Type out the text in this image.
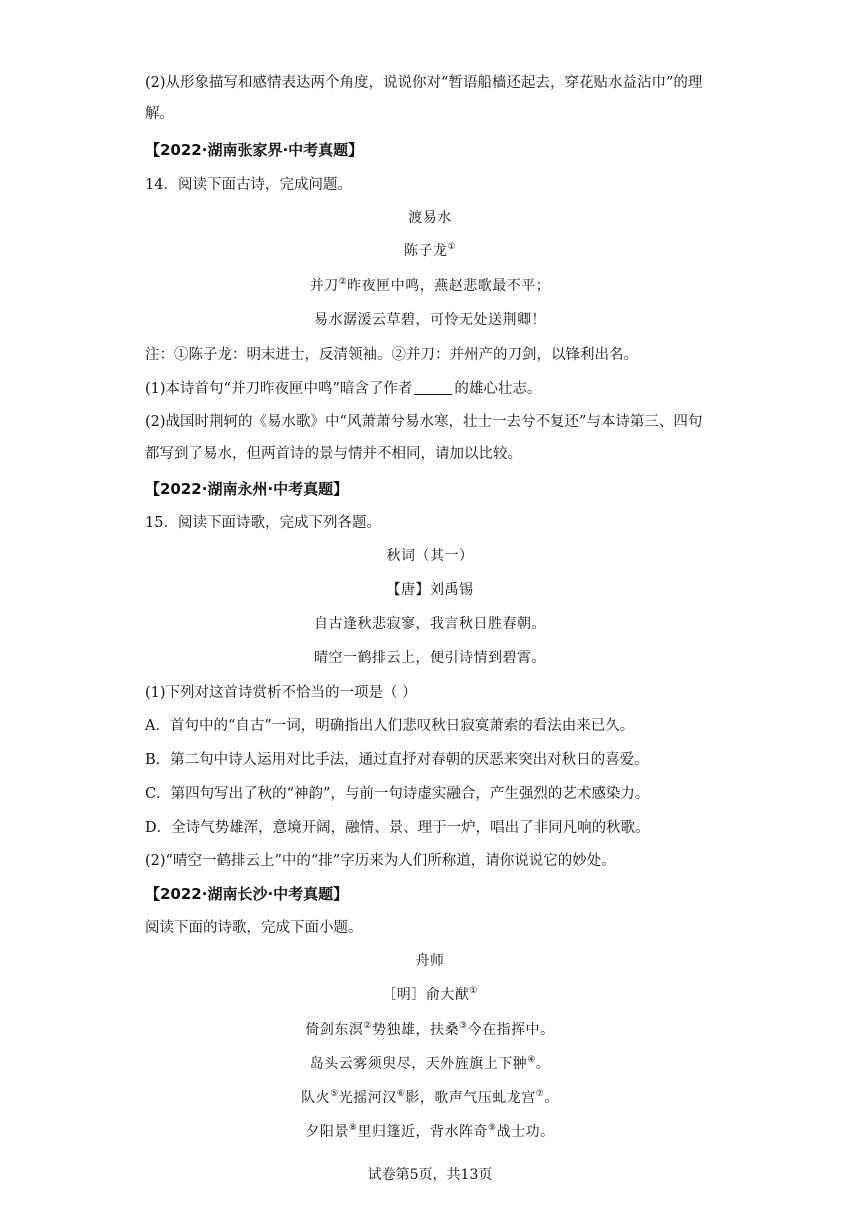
(2)从形象描写和感情表达两个角度，说说你对“暂语船樯还起去，穿花贴水益沾巾”的理
解。
【2022·湖南张家界·中考真题】
14．阅读下面古诗，完成问题。
渡易水
陈子龙①
并刀②昨夜匣中鸣，燕赵悲歌最不平；
易水潺湲云草碧，可怜无处送荆卿！
注：①陈子龙：明末进士，反清领袖。②并刀：并州产的刀剑，以锋利出名。
(1)本诗首句“并刀昨夜匣中鸣”暗含了作者	的雄心壮志。
(2)战国时荆轲的《易水歌》中“风萧萧兮易水寒，壮士一去兮不复还”与本诗第三、四句
都写到了易水，但两首诗的景与情并不相同，请加以比较。
【2022·湖南永州·中考真题】
15．阅读下面诗歌，完成下列各题。
秋词（其一）
【唐】刘禹锡
自古逢秋悲寂寥，我言秋日胜春朝。
晴空一鹤排云上，便引诗情到碧霄。
(1)下列对这首诗赏析不恰当的一项是（ ）
A．首句中的“自古”一词，明确指出人们悲叹秋日寂寞萧索的看法由来已久。
B．第二句中诗人运用对比手法，通过直抒对春朝的厌恶来突出对秋日的喜爱。
C．第四句写出了秋的“神韵”，与前一句诗虚实融合，产生强烈的艺术感染力。
D．全诗气势雄浑，意境开阔，融情、景、理于一炉，唱出了非同凡响的秋歌。
(2)“晴空一鹤排云上”中的“排”字历来为人们所称道，请你说说它的妙处。
【2022·湖南长沙·中考真题】
阅读下面的诗歌，完成下面小题。
舟师
［明］俞大猷①
倚剑东溟②势独雄，扶桑③今在指挥中。
岛头云雾须臾尽，天外旌旗上下翀④。
队火⑤光摇河汉⑥影，歌声气压虬龙宫⑦。
夕阳景⑧里归篷近，背水阵奇⑨战士功。
试卷第5页，共13页
